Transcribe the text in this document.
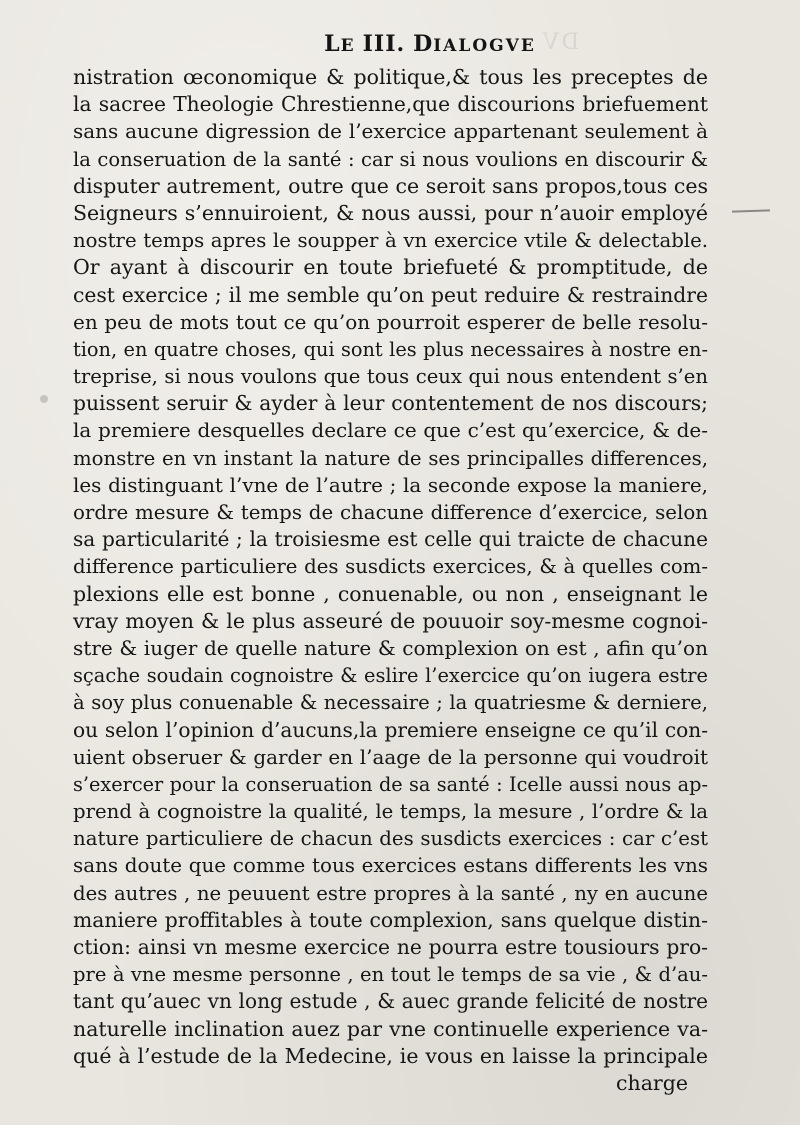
DV
LE III. DIALOGVE
nistration œconomique & politique,& tous les preceptes de
la sacree Theologie Chrestienne,que discourions briefuement
sans aucune digression de l’exercice appartenant seulement à
la conseruation de la santé : car si nous voulions en discourir &
disputer autrement, outre que ce seroit sans propos,tous ces
Seigneurs s’ennuiroient, & nous aussi, pour n’auoir employé
nostre temps apres le soupper à vn exercice vtile & delectable.
Or ayant à discourir en toute briefueté & promptitude, de
cest exercice ; il me semble qu’on peut reduire & restraindre
en peu de mots tout ce qu’on pourroit esperer de belle resolu-
tion, en quatre choses, qui sont les plus necessaires à nostre en-
treprise, si nous voulons que tous ceux qui nous entendent s’en
puissent seruir & ayder à leur contentement de nos discours;
la premiere desquelles declare ce que c’est qu’exercice, & de-
monstre en vn instant la nature de ses principalles differences,
les distinguant l’vne de l’autre ; la seconde expose la maniere,
ordre mesure & temps de chacune difference d’exercice, selon
sa particularité ; la troisiesme est celle qui traicte de chacune
difference particuliere des susdicts exercices, & à quelles com-
plexions elle est bonne , conuenable, ou non , enseignant le
vray moyen & le plus asseuré de pouuoir soy-mesme cognoi-
stre & iuger de quelle nature & complexion on est , afin qu’on
sçache soudain cognoistre & eslire l’exercice qu’on iugera estre
à soy plus conuenable & necessaire ; la quatriesme & derniere,
ou selon l’opinion d’aucuns,la premiere enseigne ce qu’il con-
uient obseruer & garder en l’aage de la personne qui voudroit
s’exercer pour la conseruation de sa santé : Icelle aussi nous ap-
prend à cognoistre la qualité, le temps, la mesure , l’ordre & la
nature particuliere de chacun des susdicts exercices : car c’est
sans doute que comme tous exercices estans differents les vns
des autres , ne peuuent estre propres à la santé , ny en aucune
maniere proffitables à toute complexion, sans quelque distin-
ction: ainsi vn mesme exercice ne pourra estre tousiours pro-
pre à vne mesme personne , en tout le temps de sa vie , & d’au-
tant qu’auec vn long estude , & auec grande felicité de nostre
naturelle inclination auez par vne continuelle experience va-
qué à l’estude de la Medecine, ie vous en laisse la principale
charge
